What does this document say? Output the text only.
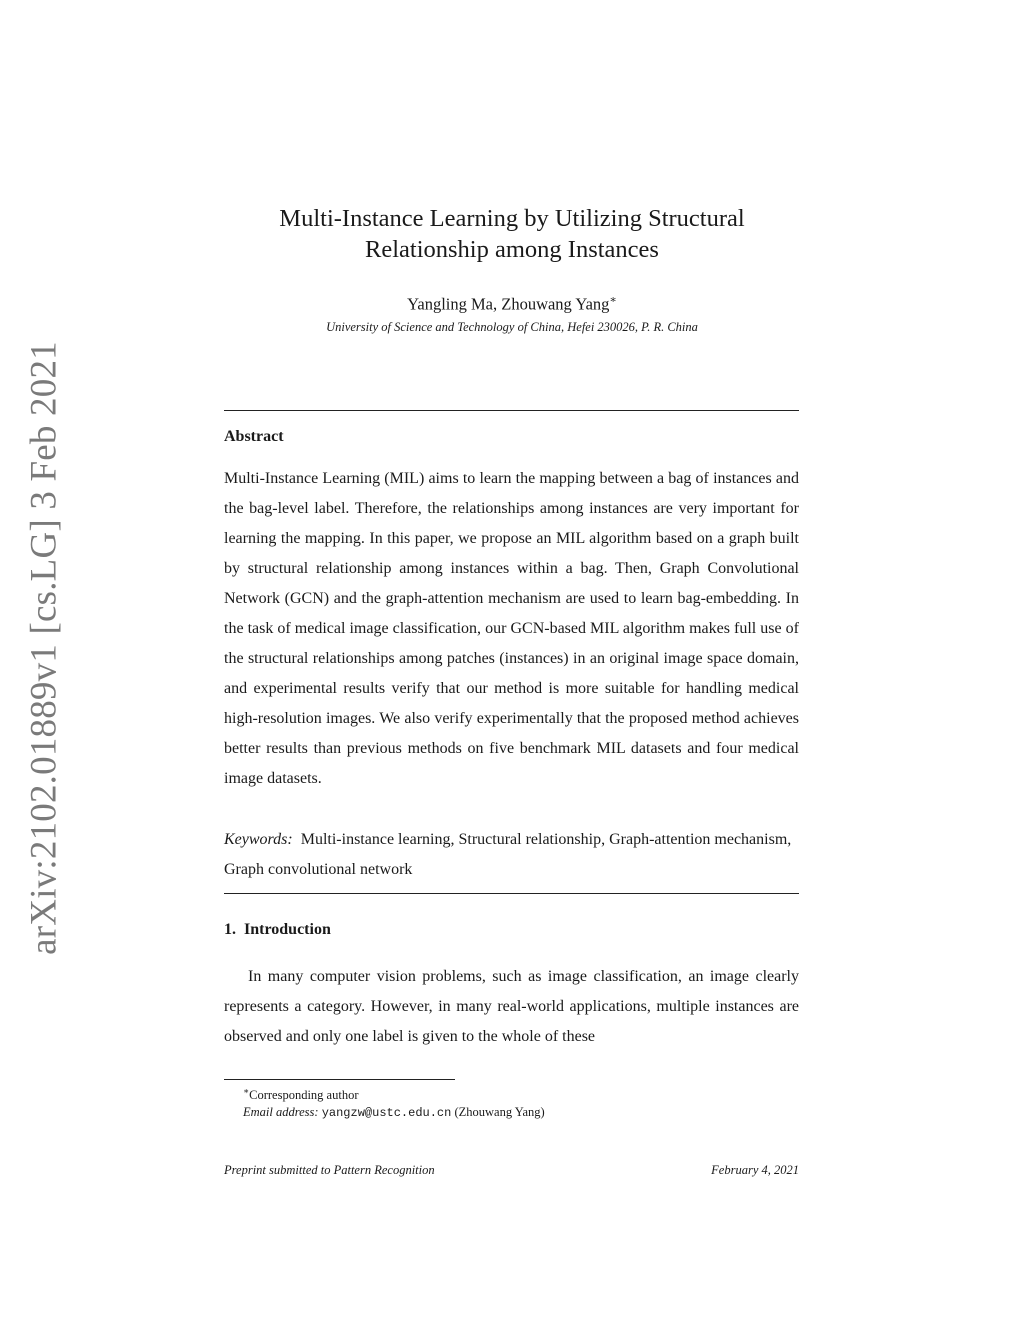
arXiv:2102.01889v1 [cs.LG] 3 Feb 2021
Multi-Instance Learning by Utilizing Structural
Relationship among Instances
Yangling Ma, Zhouwang Yang∗
University of Science and Technology of China, Hefei 230026, P. R. China
Abstract
Multi-Instance Learning (MIL) aims to learn the mapping between a bag of instances and the bag-level label. Therefore, the relationships among instances are very important for learning the mapping. In this paper, we propose an MIL algorithm based on a graph built by structural relationship among instances within a bag. Then, Graph Convolutional Network (GCN) and the graph-attention mechanism are used to learn bag-embedding. In the task of medical image classification, our GCN-based MIL algorithm makes full use of the structural relationships among patches (instances) in an original image space domain, and experimental results verify that our method is more suitable for handling medical high-resolution images. We also verify experimentally that the proposed method achieves better results than previous methods on five benchmark MIL datasets and four medical image datasets.
Keywords: Multi-instance learning, Structural relationship, Graph-attention mechanism, Graph convolutional network
1. Introduction
In many computer vision problems, such as image classification, an image clearly represents a category. However, in many real-world applications, multiple instances are observed and only one label is given to the whole of these
∗Corresponding author
Email address: yangzw@ustc.edu.cn (Zhouwang Yang)
Preprint submitted to Pattern Recognition	February 4, 2021
